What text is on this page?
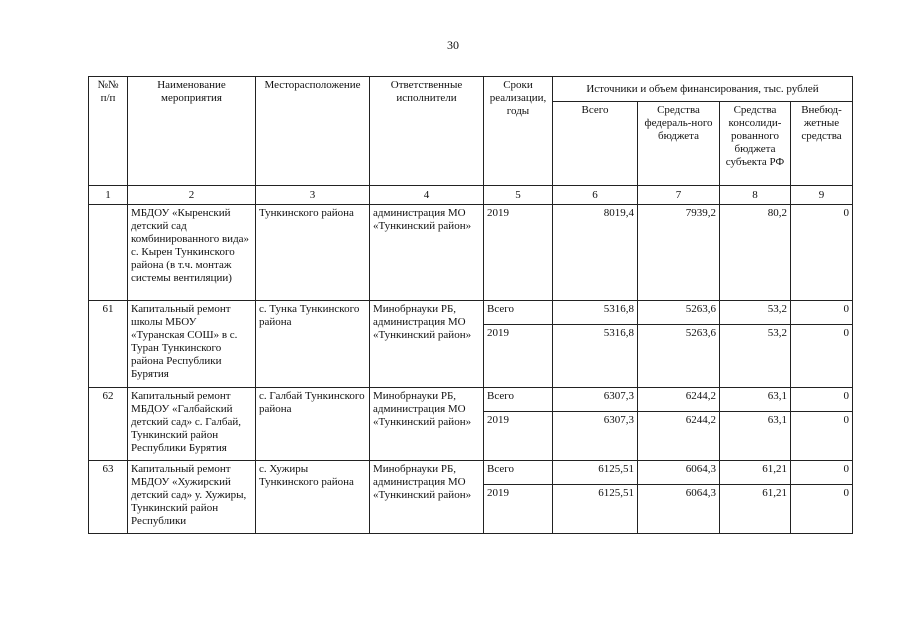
30
№№ п/п	Наименование мероприятия	Месторасположение	Ответственные исполнители	Сроки реализации, годы	Источники и объем финансирования, тыс. рублей			
					Всего	Средства федераль-ного бюджета	Средства консолиди-рованного бюджета субъекта РФ	Внебюд-жетные средства
1	2	3	4	5	6	7	8	9
	МБДОУ «Кыренский детский сад комбинированного вида» с. Кырен Тункинского района (в т.ч. монтаж системы вентиляции)	Тункинского района	администрация МО «Тункинский район»	2019	8019,4	7939,2	80,2	0
61	Капитальный ремонт школы МБОУ «Туранская СОШ» в с. Туран Тункинского района Республики Бурятия	с. Тунка Тункинского района	Минобрнауки РБ, администрация МО «Тункинский район»	Всего	5316,8	5263,6	53,2	0
				2019	5316,8	5263,6	53,2	0
62	Капитальный ремонт МБДОУ «Галбайский детский сад» с. Галбай, Тункинский район Республики Бурятия	с. Галбай Тункинского района	Минобрнауки РБ, администрация МО «Тункинский район»	Всего	6307,3	6244,2	63,1	0
				2019	6307,3	6244,2	63,1	0
63	Капитальный ремонт МБДОУ «Хужирский детский сад» у. Хужиры, Тункинский район Республики	с. Хужиры Тункинского района	Минобрнауки РБ, администрация МО «Тункинский район»	Всего	6125,51	6064,3	61,21	0
				2019	6125,51	6064,3	61,21	0
